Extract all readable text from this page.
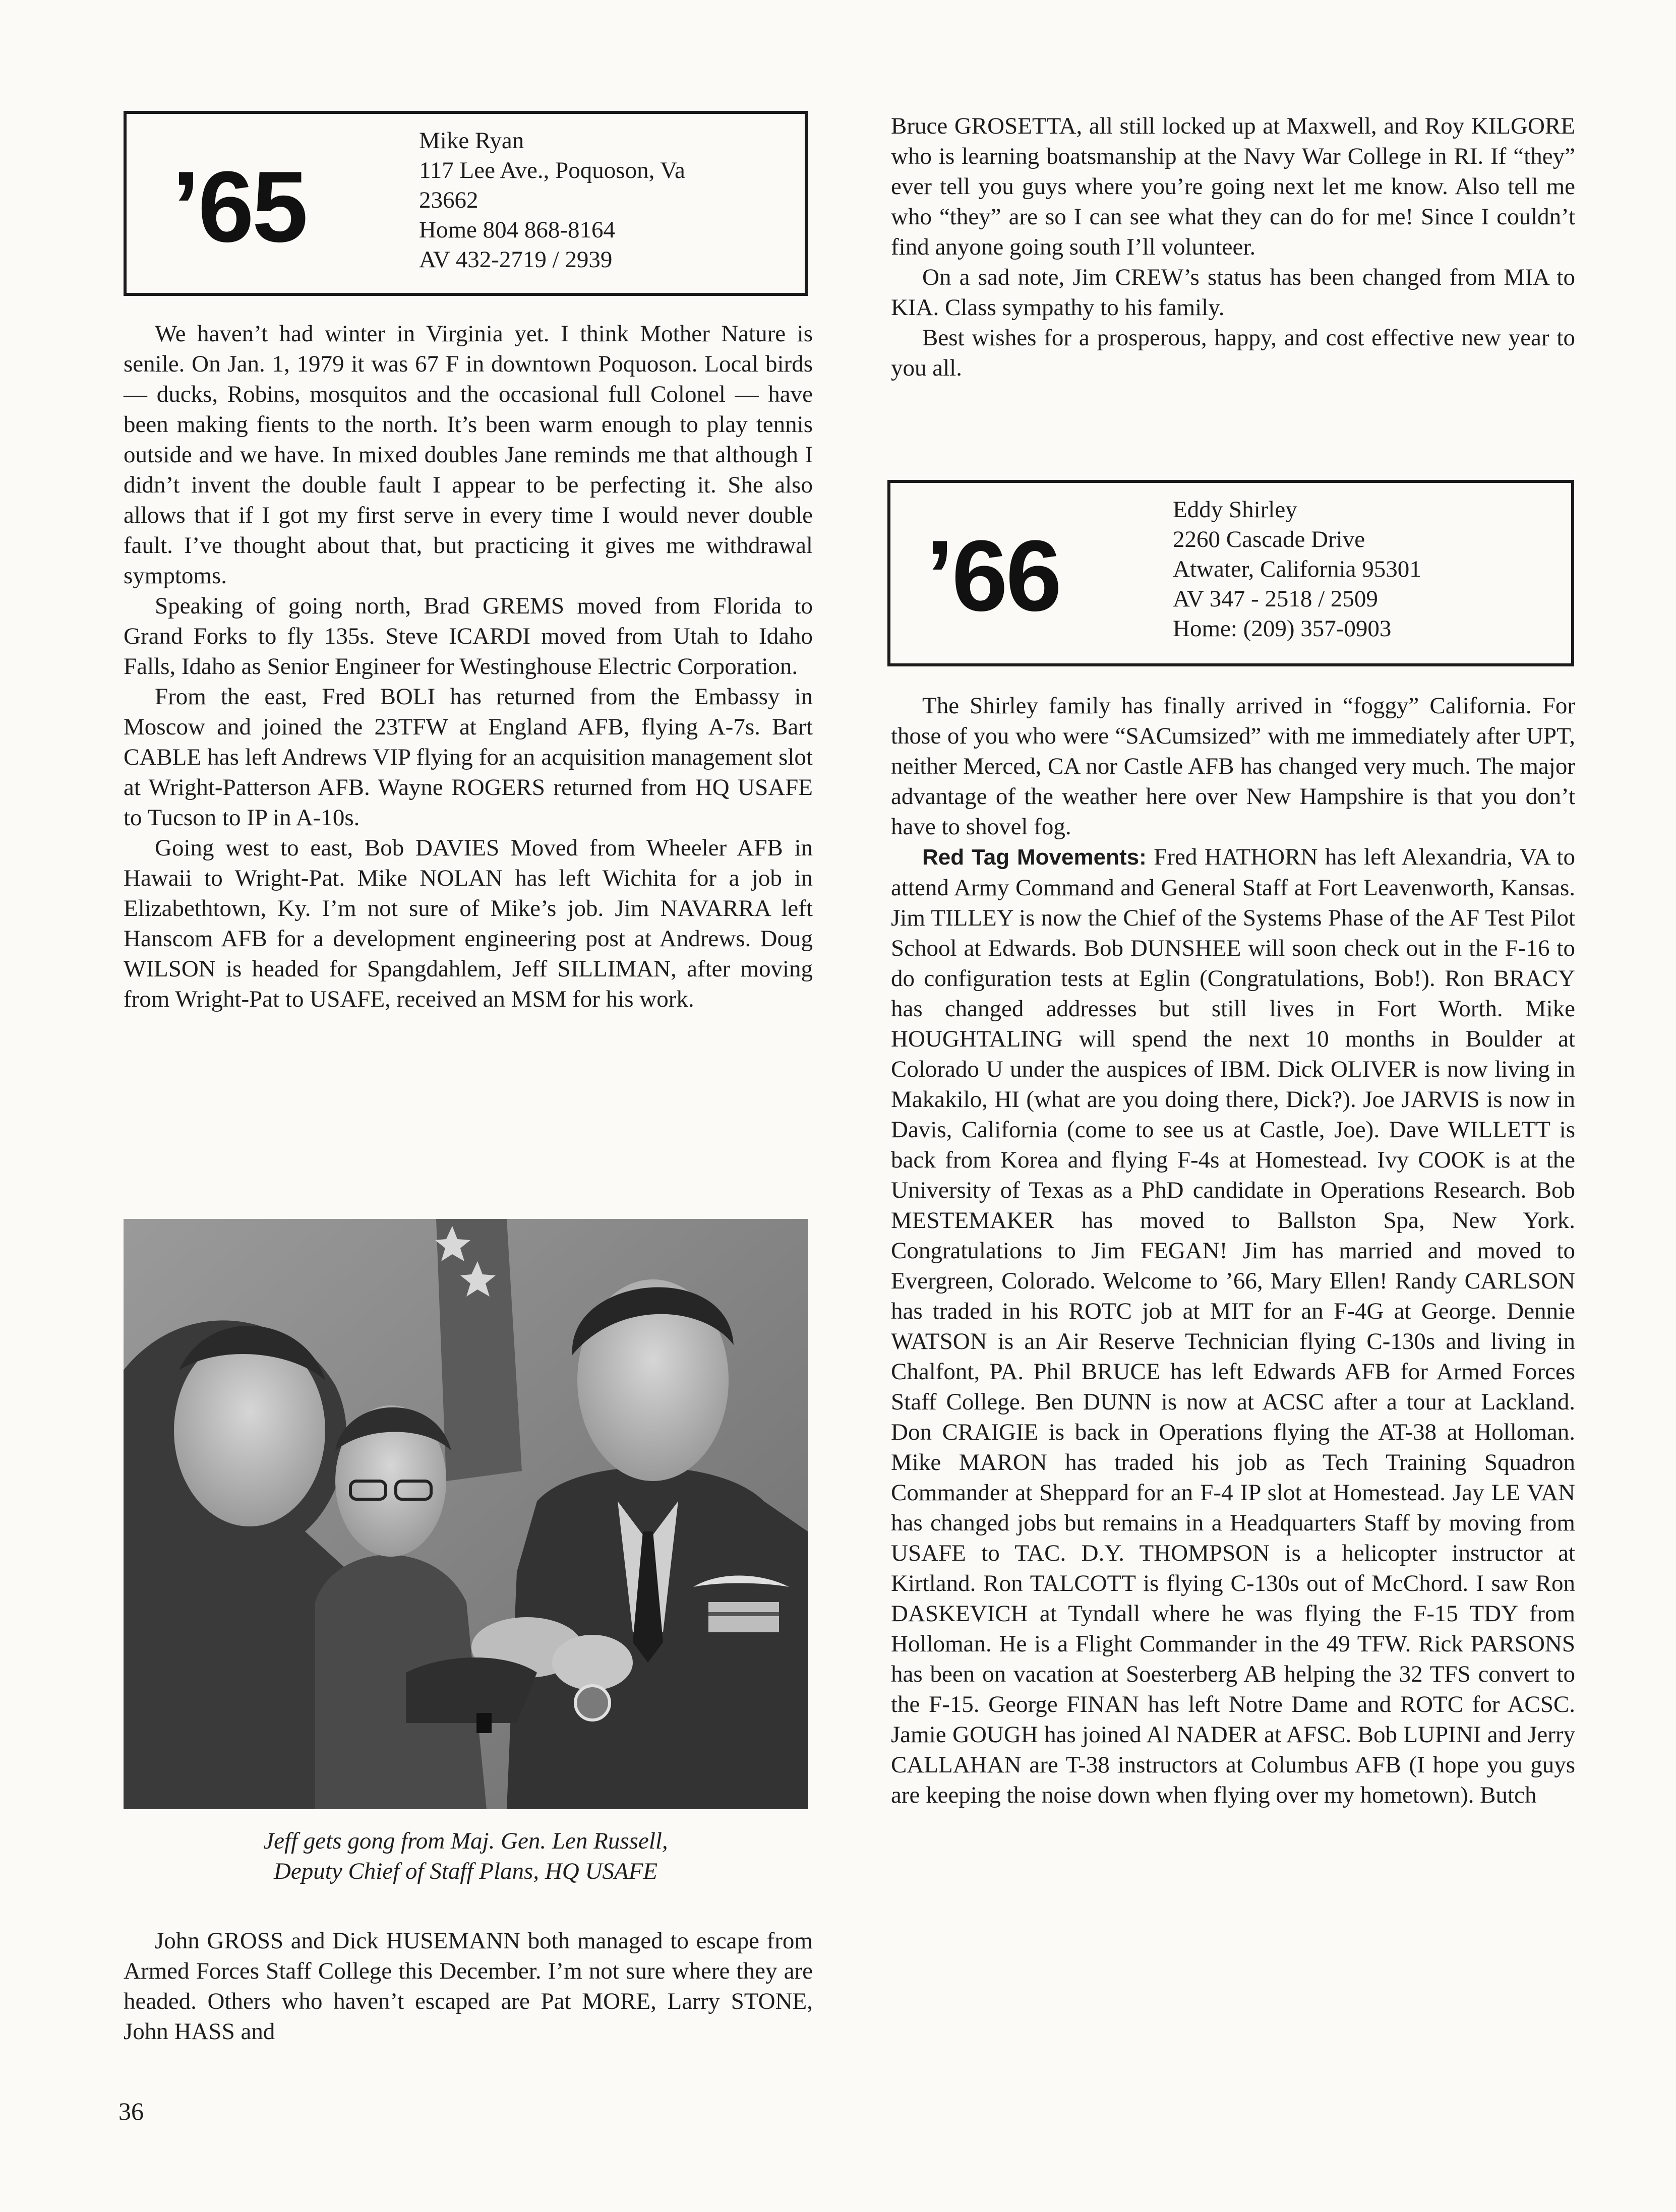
’65
Mike Ryan
117 Lee Ave., Poquoson, Va
23662
Home 804 868-8164
AV 432-2719 / 2939

We haven’t had winter in Virginia yet. I think Mother Nature is senile. On Jan. 1, 1979 it was 67 F in downtown Poquoson. Local birds — ducks, Robins, mosquitos and the occasional full Colonel — have been making fients to the north. It’s been warm enough to play tennis outside and we have. In mixed doubles Jane reminds me that although I didn’t invent the double fault I appear to be perfecting it. She also allows that if I got my first serve in every time I would never double fault. I’ve thought about that, but practicing it gives me withdrawal symptoms.

Speaking of going north, Brad GREMS moved from Florida to Grand Forks to fly 135s. Steve ICARDI moved from Utah to Idaho Falls, Idaho as Senior Engineer for Westinghouse Electric Corporation.

From the east, Fred BOLI has returned from the Embassy in Moscow and joined the 23TFW at England AFB, flying A-7s. Bart CABLE has left Andrews VIP flying for an acquisition management slot at Wright-Patterson AFB. Wayne ROGERS returned from HQ USAFE to Tucson to IP in A-10s.

Going west to east, Bob DAVIES Moved from Wheeler AFB in Hawaii to Wright-Pat. Mike NOLAN has left Wichita for a job in Elizabethtown, Ky. I’m not sure of Mike’s job. Jim NAVARRA left Hanscom AFB for a development engineering post at Andrews. Doug WILSON is headed for Spangdahlem, Jeff SILLIMAN, after moving from Wright-Pat to USAFE, received an MSM for his work.

Jeff gets gong from Maj. Gen. Len Russell,
Deputy Chief of Staff Plans, HQ USAFE

John GROSS and Dick HUSEMANN both managed to escape from Armed Forces Staff College this December. I’m not sure where they are headed. Others who haven’t escaped are Pat MORE, Larry STONE, John HASS and

Bruce GROSETTA, all still locked up at Maxwell, and Roy KILGORE who is learning boatsmanship at the Navy War College in RI. If “they” ever tell you guys where you’re going next let me know. Also tell me who “they” are so I can see what they can do for me! Since I couldn’t find anyone going south I’ll volunteer.

On a sad note, Jim CREW’s status has been changed from MIA to KIA. Class sympathy to his family.

Best wishes for a prosperous, happy, and cost effective new year to you all.

’66
Eddy Shirley
2260 Cascade Drive
Atwater, California 95301
AV 347 - 2518 / 2509
Home: (209) 357-0903

The Shirley family has finally arrived in “foggy” California. For those of you who were “SACumsized” with me immediately after UPT, neither Merced, CA nor Castle AFB has changed very much. The major advantage of the weather here over New Hampshire is that you don’t have to shovel fog.

Red Tag Movements: Fred HATHORN has left Alexandria, VA to attend Army Command and General Staff at Fort Leavenworth, Kansas. Jim TILLEY is now the Chief of the Systems Phase of the AF Test Pilot School at Edwards. Bob DUNSHEE will soon check out in the F-16 to do configuration tests at Eglin (Congratulations, Bob!). Ron BRACY has changed addresses but still lives in Fort Worth. Mike HOUGHTALING will spend the next 10 months in Boulder at Colorado U under the auspices of IBM. Dick OLIVER is now living in Makakilo, HI (what are you doing there, Dick?). Joe JARVIS is now in Davis, California (come to see us at Castle, Joe). Dave WILLETT is back from Korea and flying F-4s at Homestead. Ivy COOK is at the University of Texas as a PhD candidate in Operations Research. Bob MESTEMAKER has moved to Ballston Spa, New York. Congratulations to Jim FEGAN! Jim has married and moved to Evergreen, Colorado. Welcome to ’66, Mary Ellen! Randy CARLSON has traded in his ROTC job at MIT for an F-4G at George. Dennie WATSON is an Air Reserve Technician flying C-130s and living in Chalfont, PA. Phil BRUCE has left Edwards AFB for Armed Forces Staff College. Ben DUNN is now at ACSC after a tour at Lackland. Don CRAIGIE is back in Operations flying the AT-38 at Holloman. Mike MARON has traded his job as Tech Training Squadron Commander at Sheppard for an F-4 IP slot at Homestead. Jay LE VAN has changed jobs but remains in a Headquarters Staff by moving from USAFE to TAC. D.Y. THOMPSON is a helicopter instructor at Kirtland. Ron TALCOTT is flying C-130s out of McChord. I saw Ron DASKEVICH at Tyndall where he was flying the F-15 TDY from Holloman. He is a Flight Commander in the 49 TFW. Rick PARSONS has been on vacation at Soesterberg AB helping the 32 TFS convert to the F-15. George FINAN has left Notre Dame and ROTC for ACSC. Jamie GOUGH has joined Al NADER at AFSC. Bob LUPINI and Jerry CALLAHAN are T-38 instructors at Columbus AFB (I hope you guys are keeping the noise down when flying over my hometown). Butch

36
